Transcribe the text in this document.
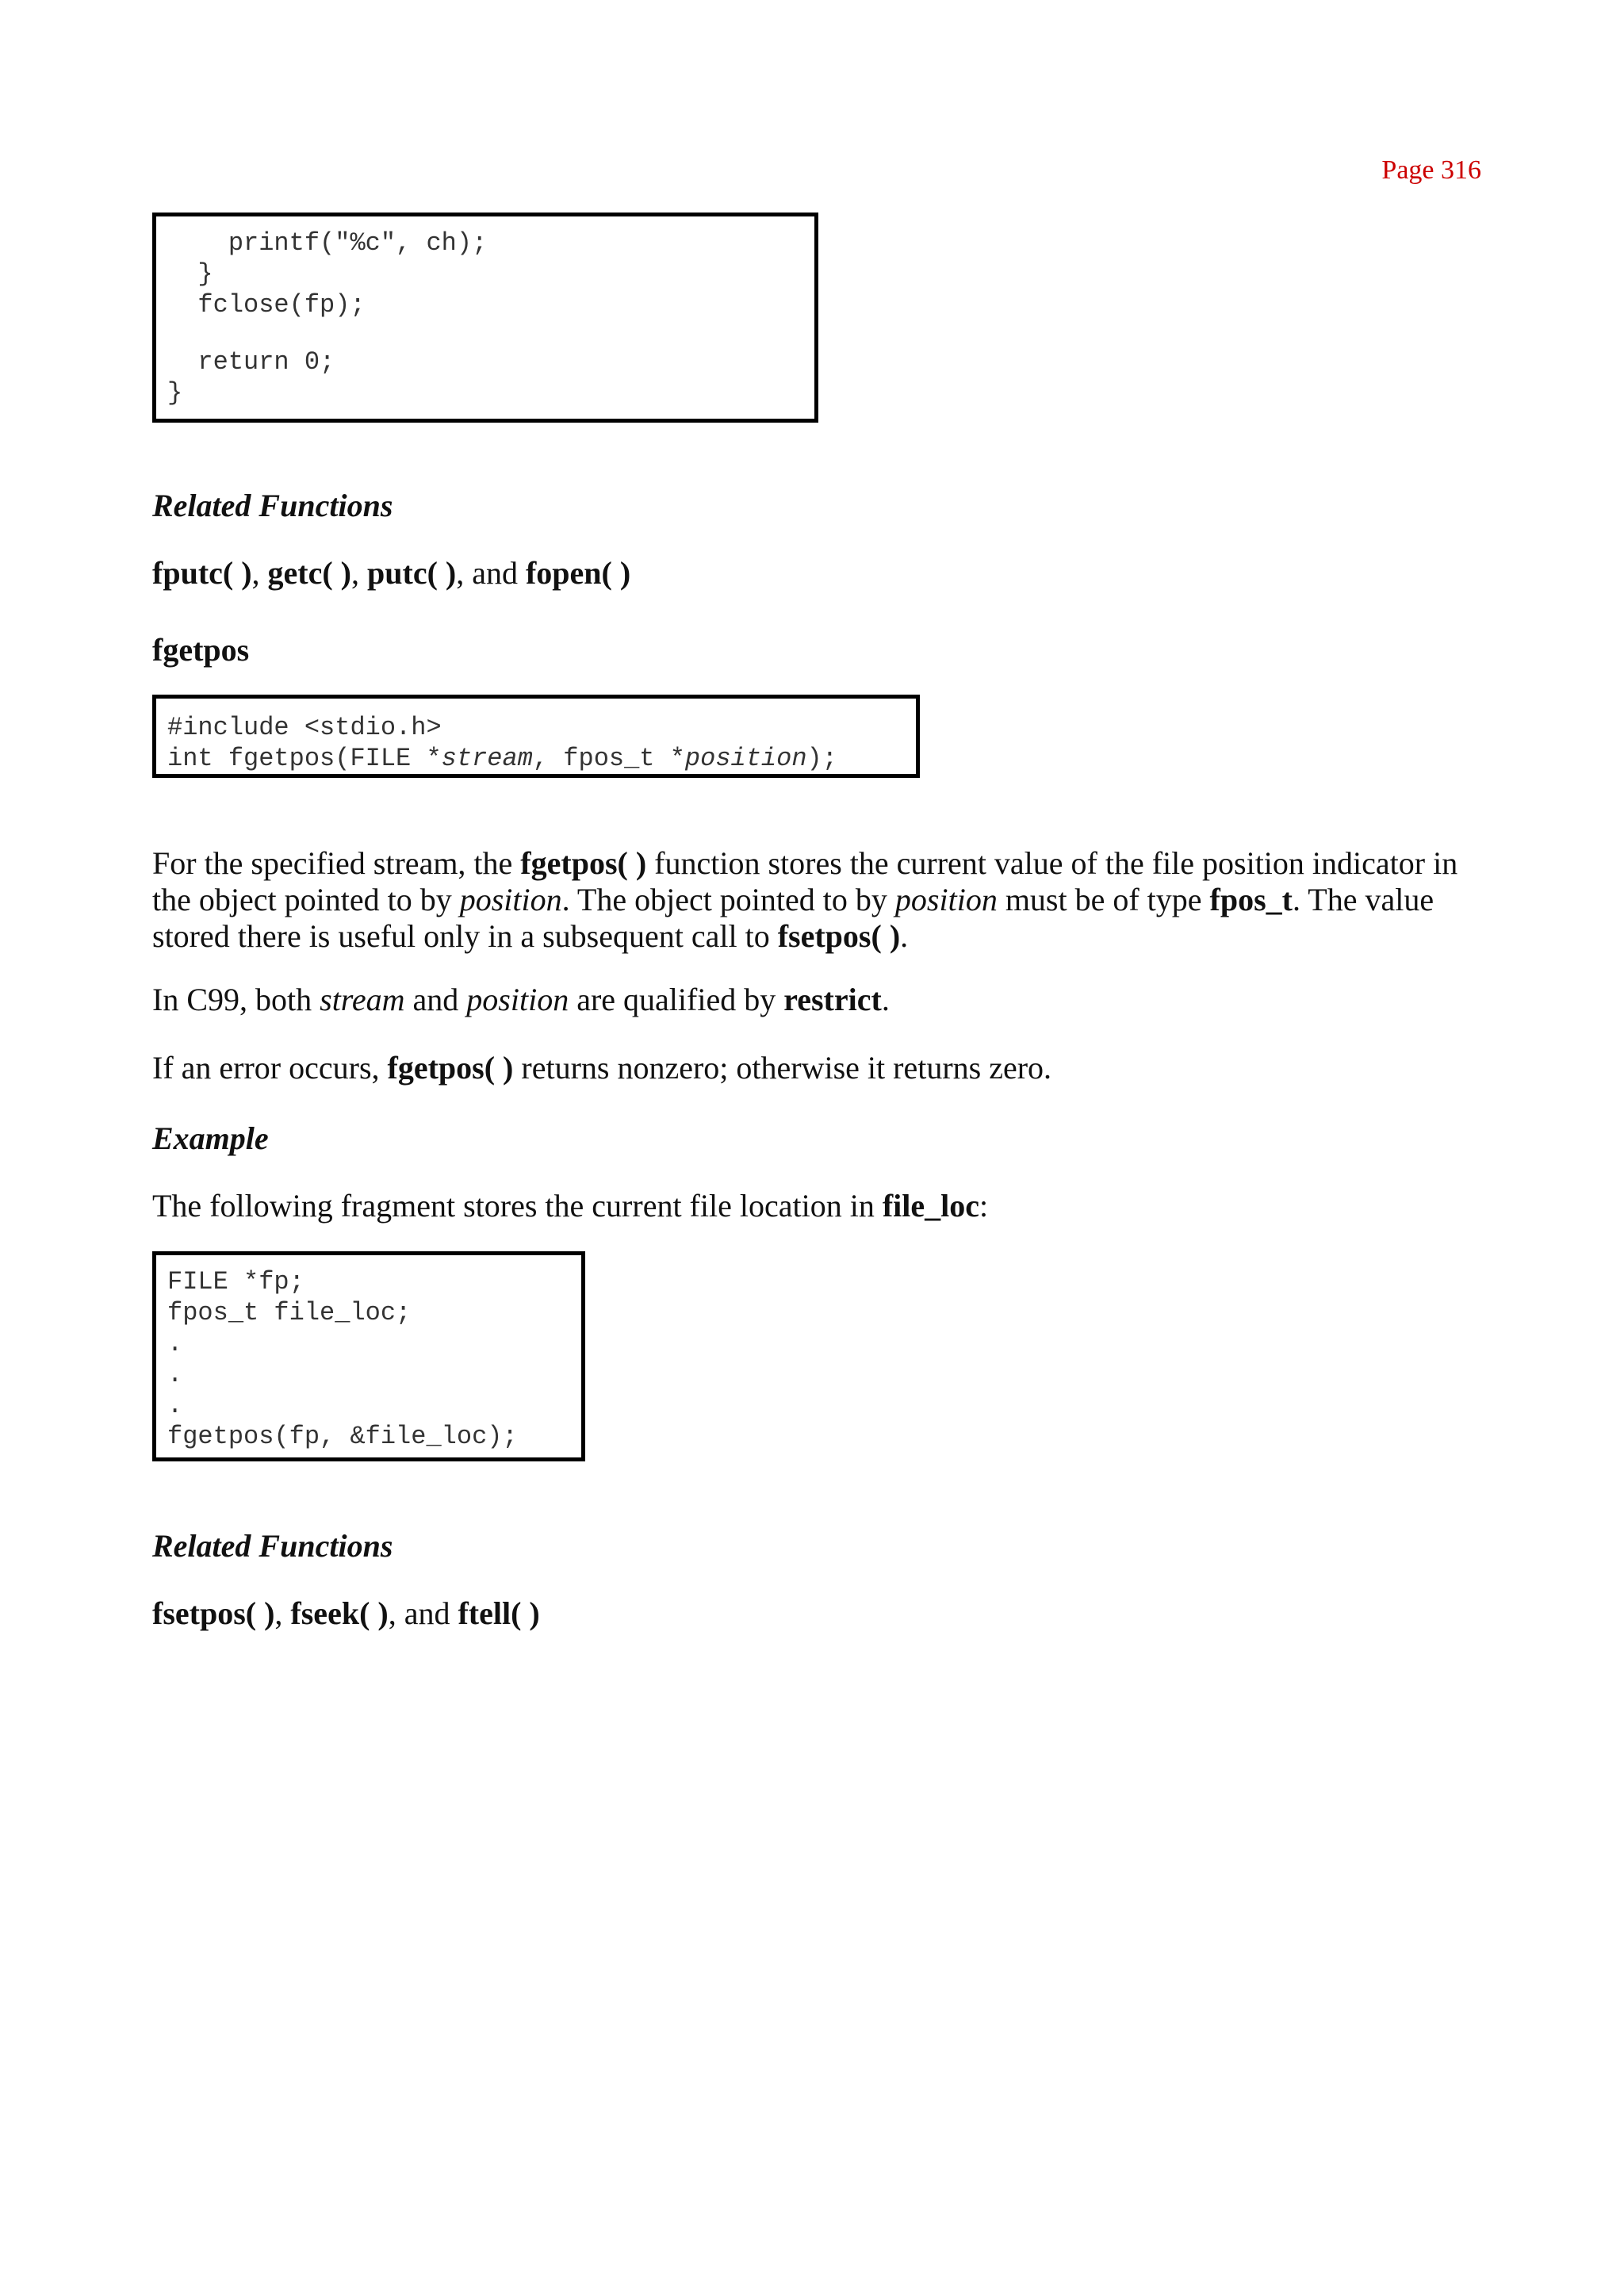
Page 316
printf("%c", ch);
}
fclose(fp);
return 0;
}
Related Functions
fputc( ), getc( ), putc( ), and fopen( )
fgetpos
#include <stdio.h>
int fgetpos(FILE *stream, fpos_t *position);
For the specified stream, the fgetpos( ) function stores the current value of the file position indicator in the object pointed to by position. The object pointed to by position must be of type fpos_t. The value stored there is useful only in a subsequent call to fsetpos( ).
In C99, both stream and position are qualified by restrict.
If an error occurs, fgetpos( ) returns nonzero; otherwise it returns zero.
Example
The following fragment stores the current file location in file_loc:
FILE *fp;
fpos_t file_loc;
.
.
.
fgetpos(fp, &file_loc);
Related Functions
fsetpos( ), fseek( ), and ftell( )
